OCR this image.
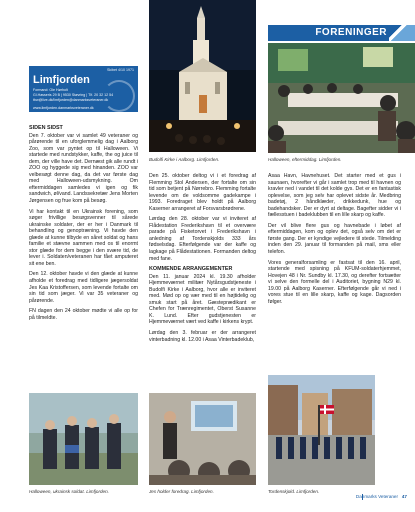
FORENINGER
Skibet 4/10 1971
Limfjorden
Formand: Ole Hørholt
Gl.Hasseris 29 B | 9530 Støvring | Tlf. 20 32 12 54
tbw@live.dk/limfjorden@danmarksveteraner.dk
www.limfjorden.danmarksveteraner.dk
SIDEN SIDST

Den 7. oktober var vi samlet 49 veteraner og pårørende til en uforglemmelig dag i Aalborg Zoo, som var pyntet op til Halloween. Vi startede med rundstykker, kaffe, the og juice til dem, der ville have det. Dernæst gik alle rundt i ZOO og hyggede sig med hinanden. ZOO var velbesøgt denne dag, da det var første dag med Halloween-udsmykning. Om eftermiddagen samledes vi igen og fik sandwich, øl/vand. Landssekretær Jens Morten Jørgensen og frue kom på besøg.

Vi har kontakt til en Ukrainsk forening, som søger frivillige besøgsvenner til sårede ukrainske soldater, der er her i Danmark til behandling og genoptræning. Vi havde den glæde at kunne tilbyde en såret soldat og hans familie et stævne sammen med os til enormt stor glæde for dem begge i den svære tid, de lever i. Soldaten/veteranen har fået amputeret sit ene ben.

Den 12. oktober havde vi den glæde at kunne afholde et foredrag med tidligere jægersoldat Jes Kaa Kristoffersen, som levende fortalte om sin tid som jæger. Vi var 35 veteraner og pårørende.

FN dagen den 24 oktober mødte vi alle op for på tilmeldte.

Den 25. oktober deltog vi i et foredrag af Flemming Stol Andersen, der fortalte om sin tid som betjent på Nørrebro. Flemming fortalte levende om de voldsomme gadekampe i 1993. Foredraget blev holdt på Aalborg Kaserner arrangeret af Forsvarsbrødrene.

Lørdag den 28. oktober var vi inviteret af Flådestation Frederikshavn til et overvære parade på Fisketorvet i Frederikshavn i anledning af Tordenskjolds 333 års fødselsdag. Efterfølgende var der kaffe og lagkage på Flådestationen. Formanden deltog med fane.

KOMMENDE ARRANGEMENTER

Den 11. januar 2024 kl. 19.30 afholder Hjemmeværnet militær Nytårsgudstjeneste i Budolfi Kirke i Aalborg, hvor alle er inviteret med. Mød op og vær med til en højtidelig og smuk start på året. Gæsteprædikant er Chefen for Trænregimentet, Oberst Susanne K. Lund. Efter gudstjenesten er Hjemmeværnet vært ved kaffe i kirkens krypt.

Lørdag den 3. februar er der arrangeret vinterbadning kl. 12.00 i Asaa Vinterbadeklub,

Asaa Havn, Havnehuset. Det starter med et gus i saunaen, hvorefter vi går i samlet trop med til havnen og kravler ned i vandet til det kolde gys. Det er en fantastisk oplevelse, som jeg selv har oplevet sidste år. Medbring badetøj, 2 håndklæder, drikkedunk, hue og badehandsker. Der er dyrt at deltage. Bagefter sidder vi i fællesstuen i badeklubben til en lille skarp og kaffe.

Der vil blive flere gus og havnebade i løbet af eftermiddagen, kom og oplev det, også selv om det er første gang. Der er kyndige vejledere til stede. Tilmelding inden den 29. januar til formanden på mail, sms eller telefon.

Vores generalforsamling er fastsat til den 16. april, startende med spisning på KFUM-soldaterhjemmet, Hovejen 48 i Nr. Sundby kl. 17.30, og derefter fortsætter vi selve den formelle del i Auditoriet, bygning N29 kl. 19.00 på Aalborg Kaserner. Efterfølgende går vi ned i vores stue til en lille skarp, kaffe og kage. Dagsorden følger.

Budolfi Kirke i Aalborg. Limfjorden.	Halloween, eftermiddag. Limfjorden.
Halloween, ukrainsk soldat. Limfjorden.	Jes holder foredrag. Limfjorden.	Tordenskjold. Limfjorden.
Danmarks Veteraner 47
